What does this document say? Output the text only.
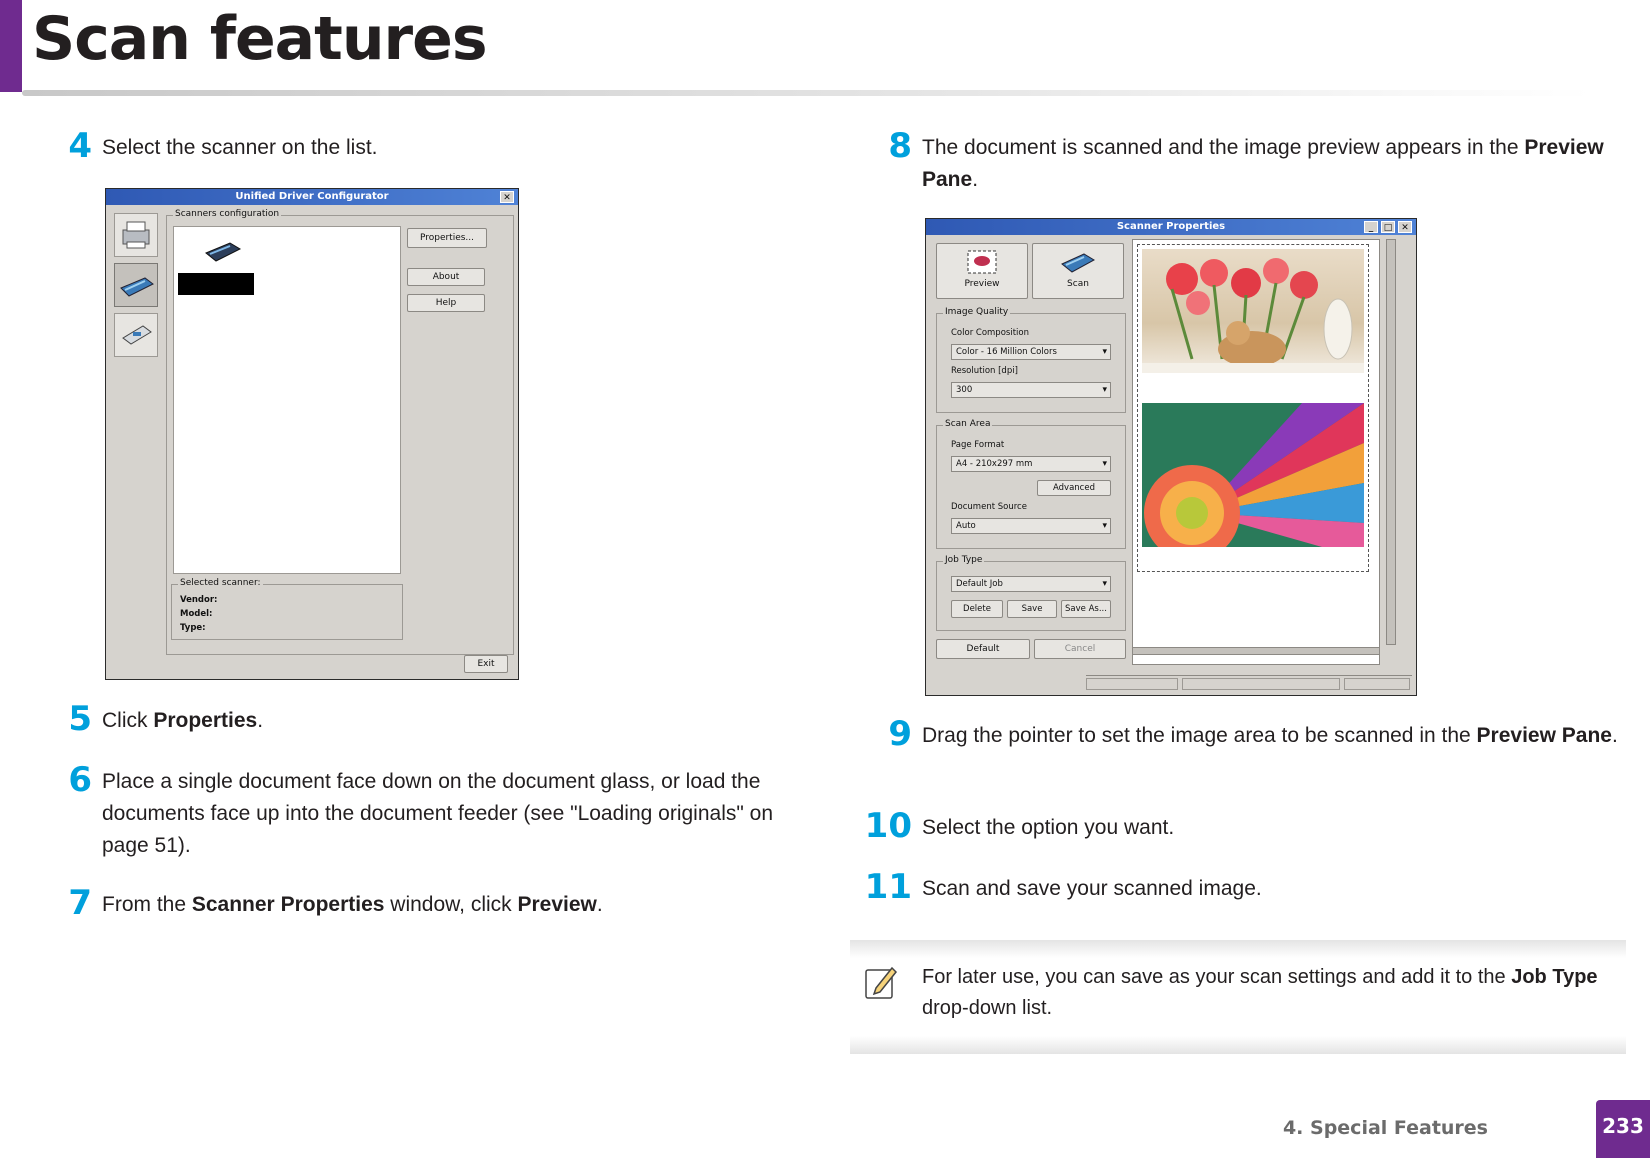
Scan features
4 Select the scanner on the list.
Unified Driver Configurator	✕
Scanners configuration
Properties...
About
Help
Selected scanner:
Vendor:
Model:
Type:
Exit
5 Click Properties.
6 Place a single document face down on the document glass, or load the documents face up into the document feeder (see "Loading originals" on page 51).
7 From the Scanner Properties window, click Preview.
8 The document is scanned and the image preview appears in the Preview Pane.
Scanner Properties	_	□ ✕
Preview	Scan
Image Quality
Color Composition
Color - 16 Million Colors ▾
Resolution [dpi]
300 ▾
Scan Area
Page Format
A4 - 210x297 mm ▾
Advanced
Document Source
Auto ▾
Job Type
Default Job ▾
Delete	Save	Save As...
Default	Cancel
9 Drag the pointer to set the image area to be scanned in the Preview Pane.
10 Select the option you want.
11 Scan and save your scanned image.
For later use, you can save as your scan settings and add it to the Job Type drop-down list.
4. Special Features	233
